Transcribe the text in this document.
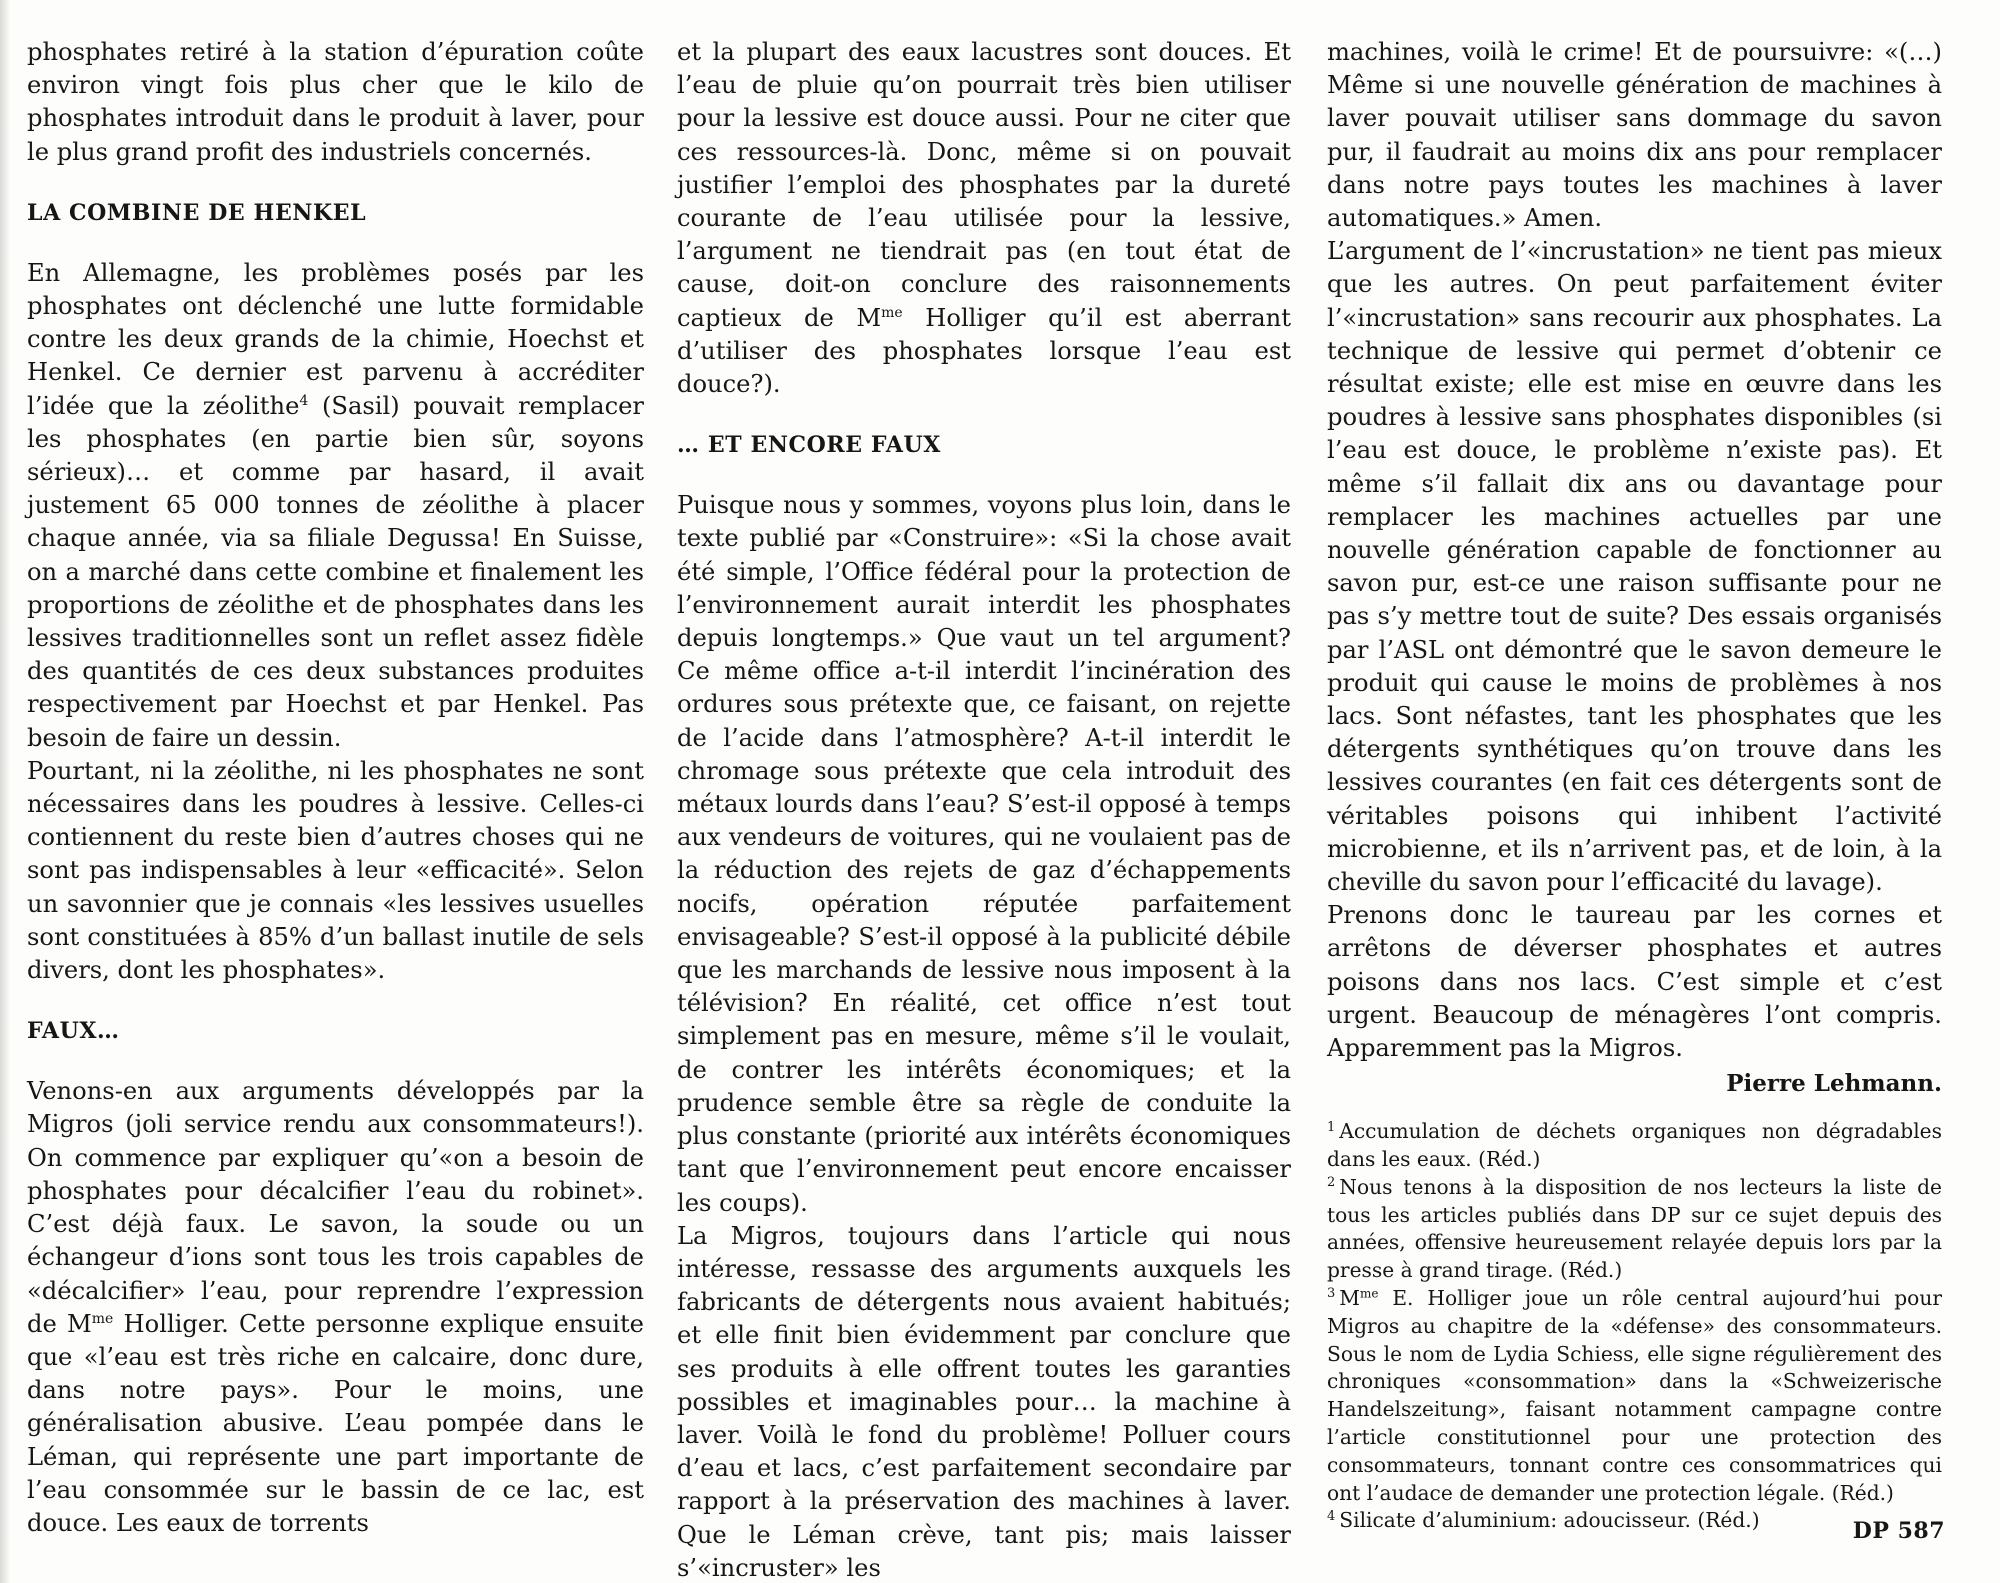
phosphates retiré à la station d’épuration coûte environ vingt fois plus cher que le kilo de phosphates introduit dans le produit à laver, pour le plus grand profit des industriels concernés.

LA COMBINE DE HENKEL

En Allemagne, les problèmes posés par les phosphates ont déclenché une lutte formidable contre les deux grands de la chimie, Hoechst et Henkel. Ce dernier est parvenu à accréditer l’idée que la zéolithe$^4$ (Sasil) pouvait remplacer les phosphates (en partie bien sûr, soyons sérieux)… et comme par hasard, il avait justement 65 000 tonnes de zéolithe à placer chaque année, via sa filiale Degussa! En Suisse, on a marché dans cette combine et finalement les proportions de zéolithe et de phosphates dans les lessives traditionnelles sont un reflet assez fidèle des quantités de ces deux substances produites respectivement par Hoechst et par Henkel. Pas besoin de faire un dessin.

Pourtant, ni la zéolithe, ni les phosphates ne sont nécessaires dans les poudres à lessive. Celles-ci contiennent du reste bien d’autres choses qui ne sont pas indispensables à leur «efficacité». Selon un savonnier que je connais «les lessives usuelles sont constituées à 85% d’un ballast inutile de sels divers, dont les phosphates».

FAUX…

Venons-en aux arguments développés par la Migros (joli service rendu aux consommateurs!). On commence par expliquer qu’«on a besoin de phosphates pour décalcifier l’eau du robinet». C’est déjà faux. Le savon, la soude ou un échangeur d’ions sont tous les trois capables de «décalcifier» l’eau, pour reprendre l’expression de $M^{me}$ Holliger. Cette personne explique ensuite que «l’eau est très riche en calcaire, donc dure, dans notre pays». Pour le moins, une généralisation abusive. L’eau pompée dans le Léman, qui représente une part importante de l’eau consommée sur le bassin de ce lac, est douce. Les eaux de torrents

et la plupart des eaux lacustres sont douces. Et l’eau de pluie qu’on pourrait très bien utiliser pour la lessive est douce aussi. Pour ne citer que ces ressources-là. Donc, même si on pouvait justifier l’emploi des phosphates par la dureté courante de l’eau utilisée pour la lessive, l’argument ne tiendrait pas (en tout état de cause, doit-on conclure des raisonnements captieux de $M^{me}$ Holliger qu’il est aberrant d’utiliser des phosphates lorsque l’eau est douce?).

… ET ENCORE FAUX

Puisque nous y sommes, voyons plus loin, dans le texte publié par «Construire»: «Si la chose avait été simple, l’Office fédéral pour la protection de l’environnement aurait interdit les phosphates depuis longtemps.» Que vaut un tel argument? Ce même office a-t-il interdit l’incinération des ordures sous prétexte que, ce faisant, on rejette de l’acide dans l’atmosphère? A-t-il interdit le chromage sous prétexte que cela introduit des métaux lourds dans l’eau? S’est-il opposé à temps aux vendeurs de voitures, qui ne voulaient pas de la réduction des rejets de gaz d’échappements nocifs, opération réputée parfaitement envisageable? S’est-il opposé à la publicité débile que les marchands de lessive nous imposent à la télévision? En réalité, cet office n’est tout simplement pas en mesure, même s’il le voulait, de contrer les intérêts économiques; et la prudence semble être sa règle de conduite la plus constante (priorité aux intérêts économiques tant que l’environnement peut encore encaisser les coups).

La Migros, toujours dans l’article qui nous intéresse, ressasse des arguments auxquels les fabricants de détergents nous avaient habitués; et elle finit bien évidemment par conclure que ses produits à elle offrent toutes les garanties possibles et imaginables pour… la machine à laver. Voilà le fond du problème! Polluer cours d’eau et lacs, c’est parfaitement secondaire par rapport à la préservation des machines à laver. Que le Léman crève, tant pis; mais laisser s’«incruster» les

machines, voilà le crime! Et de poursuivre: «(…) Même si une nouvelle génération de machines à laver pouvait utiliser sans dommage du savon pur, il faudrait au moins dix ans pour remplacer dans notre pays toutes les machines à laver automatiques.» Amen.

L’argument de l’«incrustation» ne tient pas mieux que les autres. On peut parfaitement éviter l’«incrustation» sans recourir aux phosphates. La technique de lessive qui permet d’obtenir ce résultat existe; elle est mise en œuvre dans les poudres à lessive sans phosphates disponibles (si l’eau est douce, le problème n’existe pas). Et même s’il fallait dix ans ou davantage pour remplacer les machines actuelles par une nouvelle génération capable de fonctionner au savon pur, est-ce une raison suffisante pour ne pas s’y mettre tout de suite? Des essais organisés par l’ASL ont démontré que le savon demeure le produit qui cause le moins de problèmes à nos lacs. Sont néfastes, tant les phosphates que les détergents synthétiques qu’on trouve dans les lessives courantes (en fait ces détergents sont de véritables poisons qui inhibent l’activité microbienne, et ils n’arrivent pas, et de loin, à la cheville du savon pour l’efficacité du lavage).

Prenons donc le taureau par les cornes et arrêtons de déverser phosphates et autres poisons dans nos lacs. C’est simple et c’est urgent. Beaucoup de ménagères l’ont compris. Apparemment pas la Migros.

Pierre Lehmann.

$^1$ Accumulation de déchets organiques non dégradables dans les eaux. (Réd.)

$^2$ Nous tenons à la disposition de nos lecteurs la liste de tous les articles publiés dans DP sur ce sujet depuis des années, offensive heureusement relayée depuis lors par la presse à grand tirage. (Réd.)

$^3$ $M^{me}$ E. Holliger joue un rôle central aujourd’hui pour Migros au chapitre de la «défense» des consommateurs. Sous le nom de Lydia Schiess, elle signe régulièrement des chroniques «consommation» dans la «Schweizerische Handelszeitung», faisant notamment campagne contre l’article constitutionnel pour une protection des consommateurs, tonnant contre ces consommatrices qui ont l’audace de demander une protection légale. (Réd.)

$^4$ Silicate d’aluminium: adoucisseur. (Réd.)	DP 587
